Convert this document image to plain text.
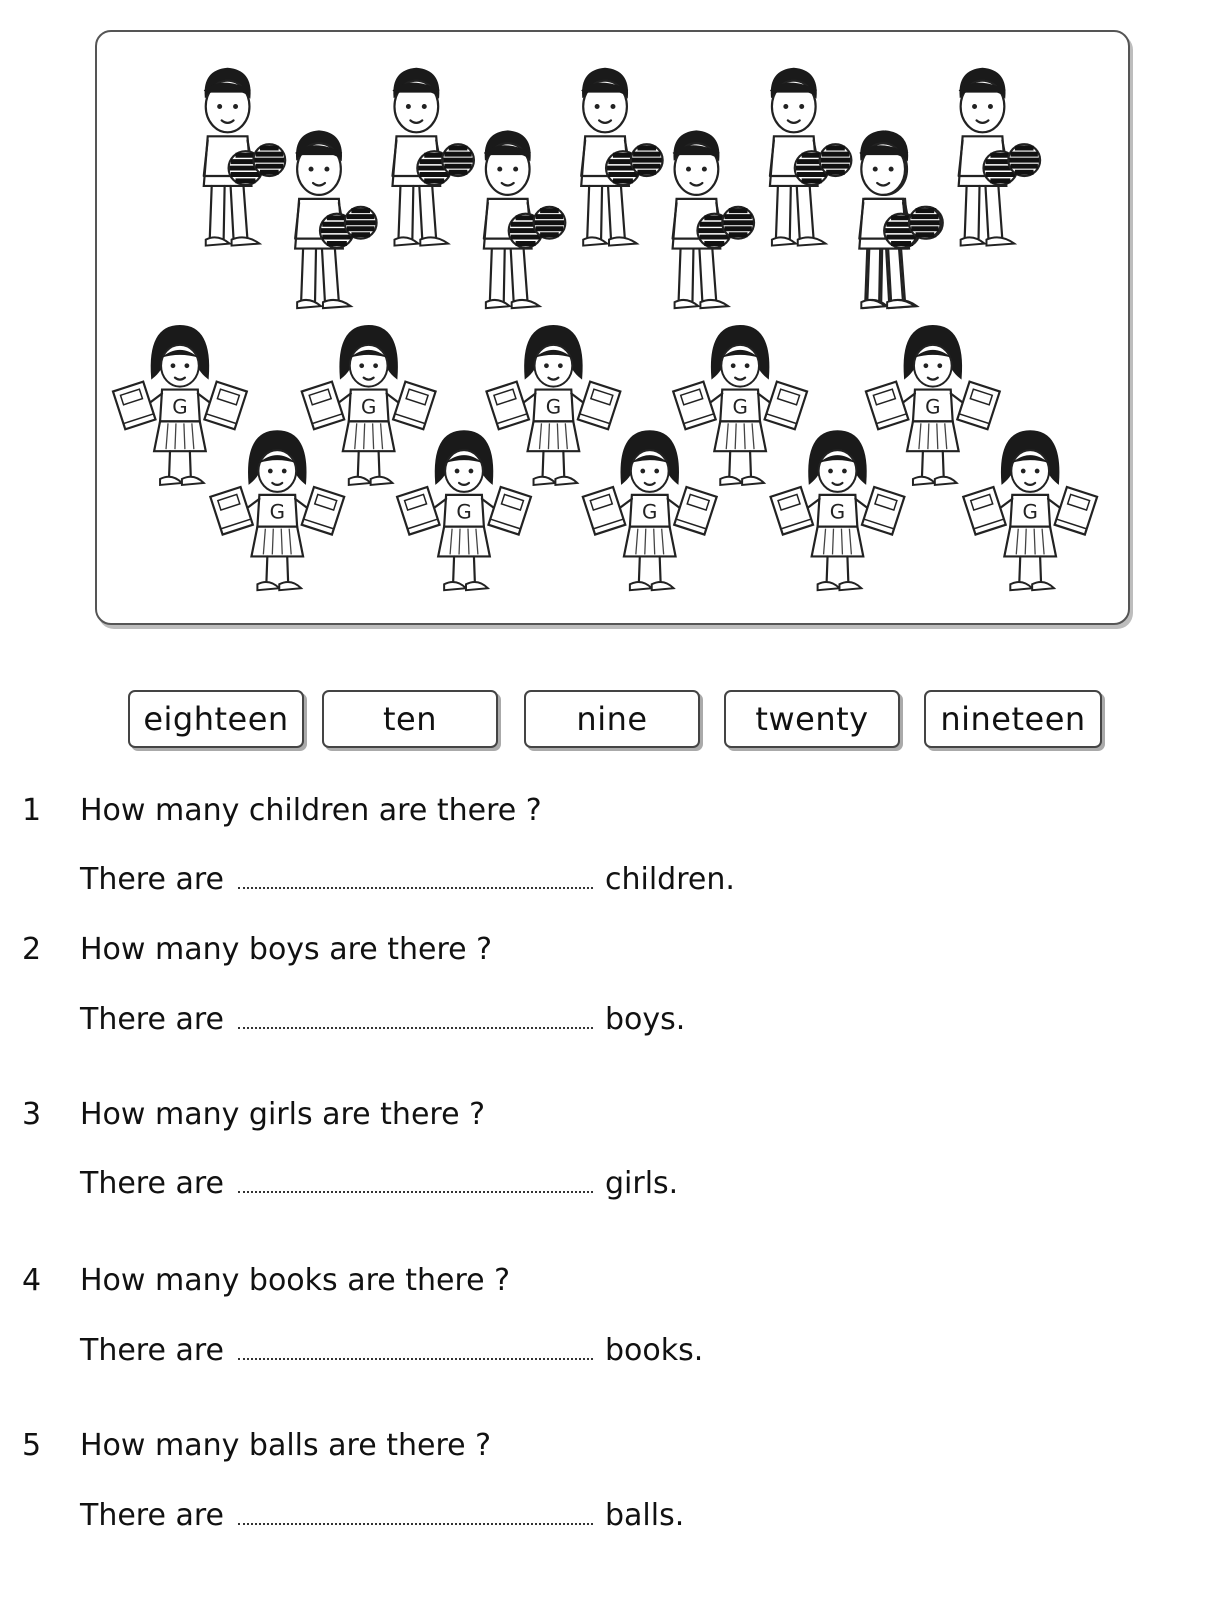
G	G	G	G	G
G	G	G	G	G
eighteen	ten	nine	twenty	nineteen
1 How many children are there ?
There are	children.
2 How many boys are there ?
There are	boys.
3 How many girls are there ?
There are	girls.
4 How many books are there ?
There are	books.
5 How many balls are there ?
There are	balls.
